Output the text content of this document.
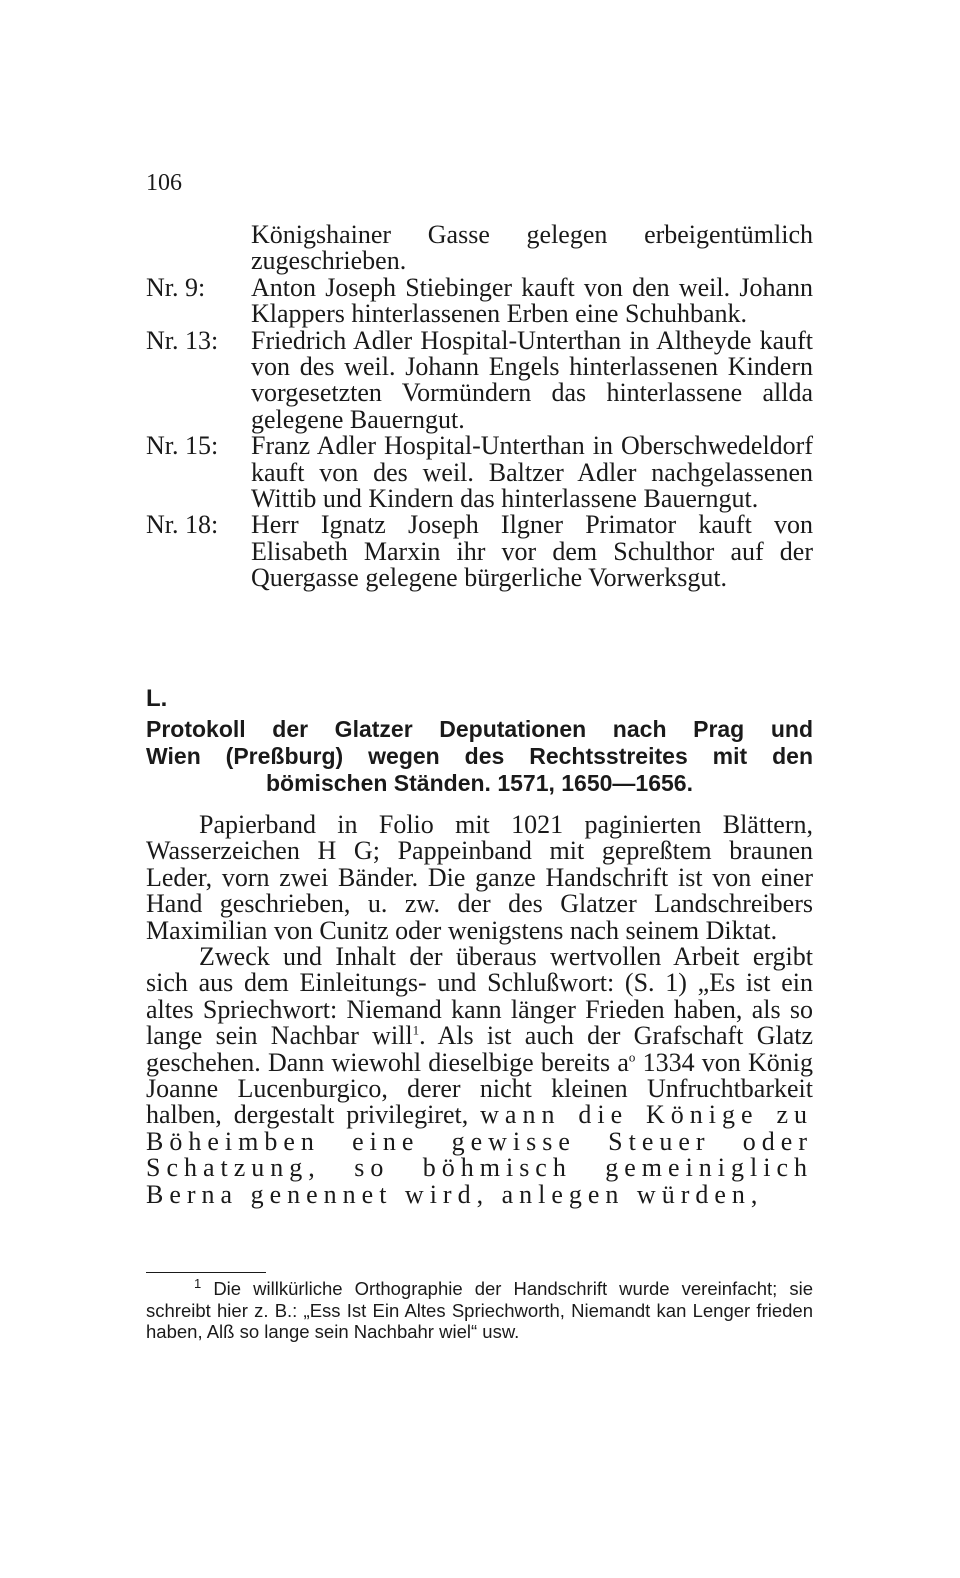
106
Königshainer Gasse gelegen erbeigentümlich zugeschrieben.
Nr. 9:	Anton Joseph Stiebinger kauft von den weil. Johann Klappers hinterlassenen Erben eine Schuhbank.
Nr. 13:	Friedrich Adler Hospital-Unterthan in Altheyde kauft von des weil. Johann Engels hinterlassenen Kindern vorgesetzten Vormündern das hinterlassene allda gelegene Bauerngut.
Nr. 15:	Franz Adler Hospital-Unterthan in Oberschwedeldorf kauft von des weil. Baltzer Adler nachgelassenen Wittib und Kindern das hinterlassene Bauerngut.
Nr. 18:	Herr Ignatz Joseph Ilgner Primator kauft von Elisabeth Marxin ihr vor dem Schulthor auf der Quergasse gelegene bürgerliche Vorwerksgut.
L.
Protokoll der Glatzer Deputationen nach Prag und
Wien (Preßburg) wegen des Rechtsstreites mit den
bömischen Ständen. 1571, 1650—1656.

Papierband in Folio mit 1021 paginierten Blättern, Wasserzeichen H G; Pappeinband mit gepreßtem braunen Leder, vorn zwei Bänder. Die ganze Handschrift ist von einer Hand geschrieben, u. zw. der des Glatzer Landschreibers Maximilian von Cunitz oder wenigstens nach seinem Diktat.

Zweck und Inhalt der überaus wertvollen Arbeit ergibt sich aus dem Einleitungs- und Schlußwort: (S. 1) „Es ist ein altes Spriechwort: Niemand kann länger Frieden haben, als so lange sein Nachbar will$^1$. Als ist auch der Grafschaft Glatz geschehen. Dann wiewohl dieselbige bereits $a^o$ 1334 von König Joanne Lucenburgico, derer nicht kleinen Unfruchtbarkeit halben, dergestalt privilegiret, wann die Könige zu Böheimben eine gewisse Steuer oder Schatzung, so böhmisch gemeiniglich Berna genennet wird, anlegen würden,

$^1$ Die willkürliche Orthographie der Handschrift wurde vereinfacht; sie schreibt hier z. B.: „Ess Ist Ein Altes Spriechworth, Niemandt kan Lenger frieden haben, Alß so lange sein Nachbahr wiel“ usw.
